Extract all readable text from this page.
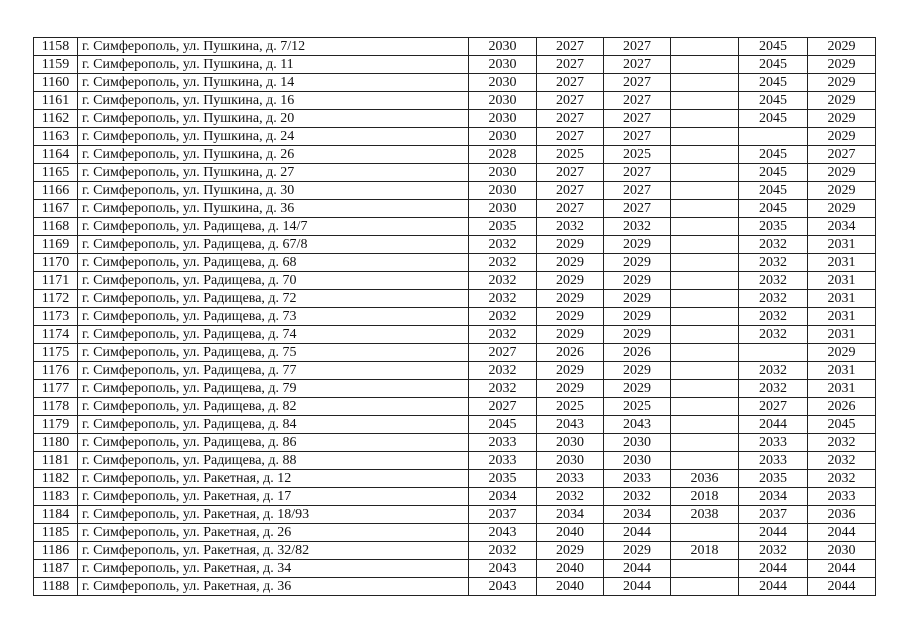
1158	г. Симферополь, ул. Пушкина, д. 7/12	2030	2027	2027		2045	2029
1159	г. Симферополь, ул. Пушкина, д. 11	2030	2027	2027		2045	2029
1160	г. Симферополь, ул. Пушкина, д. 14	2030	2027	2027		2045	2029
1161	г. Симферополь, ул. Пушкина, д. 16	2030	2027	2027		2045	2029
1162	г. Симферополь, ул. Пушкина, д. 20	2030	2027	2027		2045	2029
1163	г. Симферополь, ул. Пушкина, д. 24	2030	2027	2027			2029
1164	г. Симферополь, ул. Пушкина, д. 26	2028	2025	2025		2045	2027
1165	г. Симферополь, ул. Пушкина, д. 27	2030	2027	2027		2045	2029
1166	г. Симферополь, ул. Пушкина, д. 30	2030	2027	2027		2045	2029
1167	г. Симферополь, ул. Пушкина, д. 36	2030	2027	2027		2045	2029
1168	г. Симферополь, ул. Радищева, д. 14/7	2035	2032	2032		2035	2034
1169	г. Симферополь, ул. Радищева, д. 67/8	2032	2029	2029		2032	2031
1170	г. Симферополь, ул. Радищева, д. 68	2032	2029	2029		2032	2031
1171	г. Симферополь, ул. Радищева, д. 70	2032	2029	2029		2032	2031
1172	г. Симферополь, ул. Радищева, д. 72	2032	2029	2029		2032	2031
1173	г. Симферополь, ул. Радищева, д. 73	2032	2029	2029		2032	2031
1174	г. Симферополь, ул. Радищева, д. 74	2032	2029	2029		2032	2031
1175	г. Симферополь, ул. Радищева, д. 75	2027	2026	2026			2029
1176	г. Симферополь, ул. Радищева, д. 77	2032	2029	2029		2032	2031
1177	г. Симферополь, ул. Радищева, д. 79	2032	2029	2029		2032	2031
1178	г. Симферополь, ул. Радищева, д. 82	2027	2025	2025		2027	2026
1179	г. Симферополь, ул. Радищева, д. 84	2045	2043	2043		2044	2045
1180	г. Симферополь, ул. Радищева, д. 86	2033	2030	2030		2033	2032
1181	г. Симферополь, ул. Радищева, д. 88	2033	2030	2030		2033	2032
1182	г. Симферополь, ул. Ракетная, д. 12	2035	2033	2033	2036	2035	2032
1183	г. Симферополь, ул. Ракетная, д. 17	2034	2032	2032	2018	2034	2033
1184	г. Симферополь, ул. Ракетная, д. 18/93	2037	2034	2034	2038	2037	2036
1185	г. Симферополь, ул. Ракетная, д. 26	2043	2040	2044		2044	2044
1186	г. Симферополь, ул. Ракетная, д. 32/82	2032	2029	2029	2018	2032	2030
1187	г. Симферополь, ул. Ракетная, д. 34	2043	2040	2044		2044	2044
1188	г. Симферополь, ул. Ракетная, д. 36	2043	2040	2044		2044	2044
